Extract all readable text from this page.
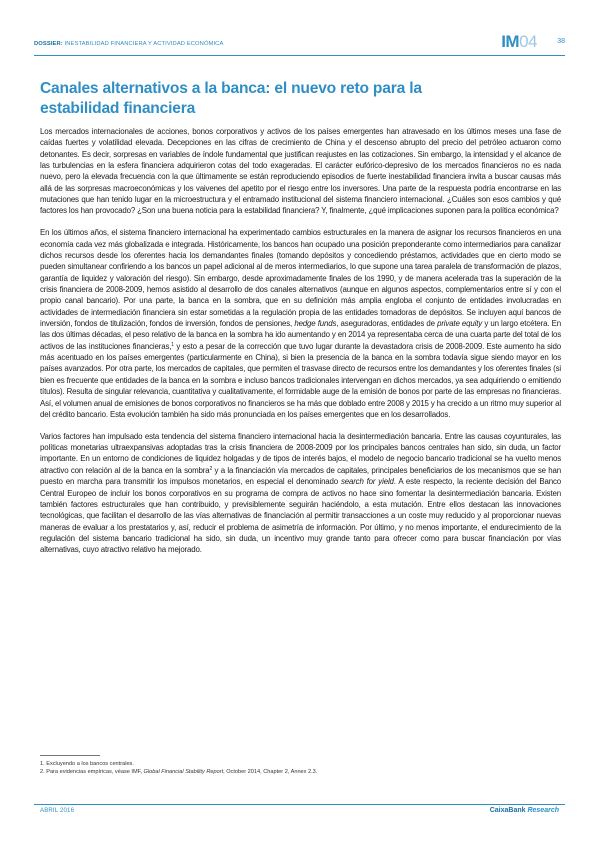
DOSSIER: INESTABILIDAD FINANCIERA Y ACTIVIDAD ECONÓMICA	IM04	38
Canales alternativos a la banca: el nuevo reto para la estabilidad financiera

Los mercados internacionales de acciones, bonos corporativos y activos de los países emergentes han atravesado en los últimos meses una fase de caídas fuertes y volatilidad elevada. Decepciones en las cifras de crecimiento de China y el descenso abrupto del precio del petróleo actuaron como detonantes. Es decir, sorpresas en variables de índole fundamental que justifican reajustes en las cotizaciones. Sin embargo, la intensidad y el alcance de las turbulencias en la esfera financiera adquirieron cotas del todo exageradas. El carácter eufórico-depresivo de los mercados financieros no es nada nuevo, pero la elevada frecuencia con la que últimamente se están reproduciendo episodios de fuerte inestabilidad financiera invita a buscar causas más allá de las sorpresas macroeconómicas y los vaivenes del apetito por el riesgo entre los inversores. Una parte de la respuesta podría encontrarse en las mutaciones que han tenido lugar en la microestructura y el entramado institucional del sistema financiero internacional. ¿Cuáles son esos cambios y qué factores los han provocado? ¿Son una buena noticia para la estabilidad financiera? Y, finalmente, ¿qué implicaciones suponen para la política económica?

En los últimos años, el sistema financiero internacional ha experimentado cambios estructurales en la manera de asignar los recursos financieros en una economía cada vez más globalizada e integrada. Históricamente, los bancos han ocupado una posición preponderante como intermediarios para canalizar dichos recursos desde los oferentes hacia los demandantes finales (tomando depósitos y concediendo préstamos, actividades que en cierto modo se pueden simultanear confiriendo a los bancos un papel adicional al de meros intermediarios, lo que supone una tarea paralela de transformación de plazos, garantía de liquidez y valoración del riesgo). Sin embargo, desde aproximadamente finales de los 1990, y de manera acelerada tras la superación de la crisis financiera de 2008-2009, hemos asistido al desarrollo de dos canales alternativos (aunque en algunos aspectos, complementarios entre sí y con el propio canal bancario). Por una parte, la banca en la sombra, que en su definición más amplia engloba el conjunto de entidades involucradas en actividades de intermediación financiera sin estar sometidas a la regulación propia de las entidades tomadoras de depósitos. Se incluyen aquí bancos de inversión, fondos de titulización, fondos de inversión, fondos de pensiones, hedge funds, aseguradoras, entidades de private equity y un largo etcétera. En las dos últimas décadas, el peso relativo de la banca en la sombra ha ido aumentando y en 2014 ya representaba cerca de una cuarta parte del total de los activos de las instituciones financieras,$^1$ y esto a pesar de la corrección que tuvo lugar durante la devastadora crisis de 2008-2009. Este aumento ha sido más acentuado en los países emergentes (particularmente en China), si bien la presencia de la banca en la sombra todavía sigue siendo mayor en los países avanzados. Por otra parte, los mercados de capitales, que permiten el trasvase directo de recursos entre los demandantes y los oferentes finales (si bien es frecuente que entidades de la banca en la sombra e incluso bancos tradicionales intervengan en dichos mercados, ya sea adquiriendo o emitiendo títulos). Resulta de singular relevancia, cuantitativa y cualitativamente, el formidable auge de la emisión de bonos por parte de las empresas no financieras. Así, el volumen anual de emisiones de bonos corporativos no financieros se ha más que doblado entre 2008 y 2015 y ha crecido a un ritmo muy superior al del crédito bancario. Esta evolución también ha sido más pronunciada en los países emergentes que en los desarrollados.

Varios factores han impulsado esta tendencia del sistema financiero internacional hacia la desintermediación bancaria. Entre las causas coyunturales, las políticas monetarias ultraexpansivas adoptadas tras la crisis financiera de 2008-2009 por los principales bancos centrales han sido, sin duda, un factor importante. En un entorno de condiciones de liquidez holgadas y de tipos de interés bajos, el modelo de negocio bancario tradicional se ha vuelto menos atractivo con relación al de la banca en la sombra$^2$ y a la financiación vía mercados de capitales, principales beneficiarios de los mecanismos que se han puesto en marcha para transmitir los impulsos monetarios, en especial el denominado search for yield. A este respecto, la reciente decisión del Banco Central Europeo de incluir los bonos corporativos en su programa de compra de activos no hace sino fomentar la desintermediación bancaria. Existen también factores estructurales que han contribuido, y previsiblemente seguirán haciéndolo, a esta mutación. Entre ellos destacan las innovaciones tecnológicas, que facilitan el desarrollo de las vías alternativas de financiación al permitir transacciones a un coste muy reducido y al proporcionar nuevas maneras de evaluar a los prestatarios y, así, reducir el problema de asimetría de información. Por último, y no menos importante, el endurecimiento de la regulación del sistema bancario tradicional ha sido, sin duda, un incentivo muy grande tanto para ofrecer como para buscar financiación por vías alternativas, cuyo atractivo relativo ha mejorado.

1. Excluyendo a los bancos centrales.
2. Para evidencias empíricas, véase IMF, Global Financial Stability Report, October 2014, Chapter 2, Annex 2.3.
ABRIL 2016	CaixaBank Research
